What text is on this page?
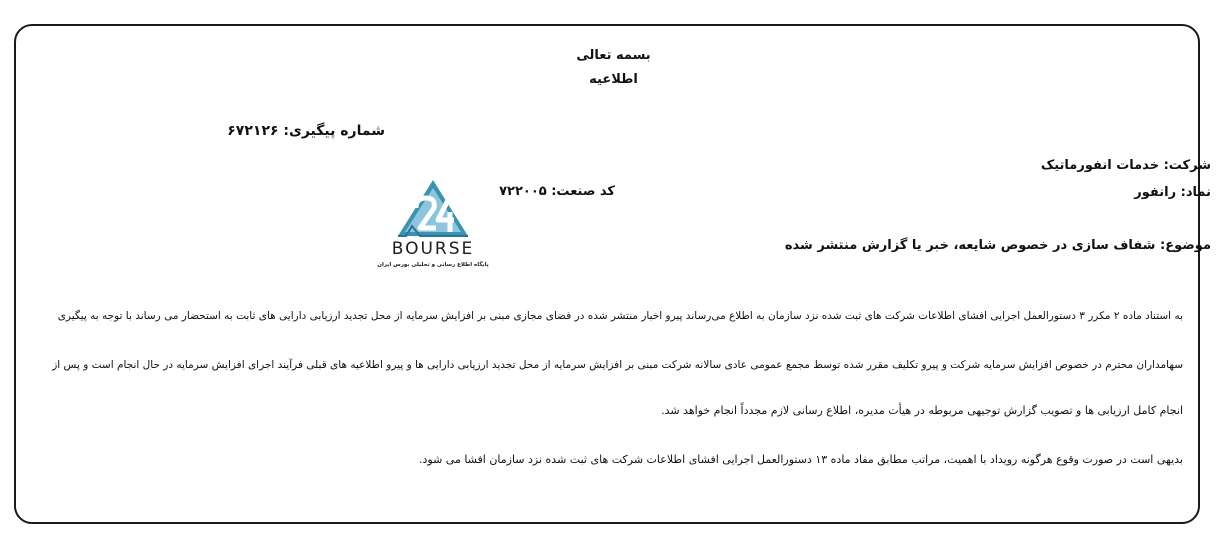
بسمه تعالی
اطلاعیه
شماره پیگیری: ۶۷۲۱۲۶
شرکت: خدمات انفورماتیک
نماد: رانفور
کد صنعت: ۷۲۲۰۰۵
موضوع: شفاف سازی در خصوص شایعه، خبر یا گزارش منتشر شده
BOURSE
پایگاه اطلاع رسانی و تحلیلی بورس ایران
به استناد ماده ۲ مکرر ۳ دستورالعمل اجرایی افشای اطلاعات شرکت های ثبت شده نزد سازمان به اطلاع می‌رساند پیرو اخبار منتشر شده در فضای مجازی مبنی بر افزایش سرمایه از محل تجدید ارزیابی دارایی های ثابت به استحضار می رساند با توجه به پیگیری
سهامداران محترم در خصوص افزایش سرمایه شرکت و پیرو تکلیف مقرر شده توسط مجمع عمومی عادی سالانه شرکت مبنی بر افزایش سرمایه از محل تجدید ارزیابی دارایی ها و پیرو اطلاعیه های قبلی فرآیند اجرای افزایش سرمایه در حال انجام است و پس از
انجام کامل ارزیابی ها و تصویب گزارش توجیهی مربوطه در هیأت مدیره، اطلاع رسانی لازم مجدداً انجام خواهد شد.
بدیهی است در صورت وقوع هرگونه رویداد با اهمیت، مراتب مطابق مفاد ماده ۱۳ دستورالعمل اجرایی افشای اطلاعات شرکت های ثبت شده نزد سازمان افشا می شود.
